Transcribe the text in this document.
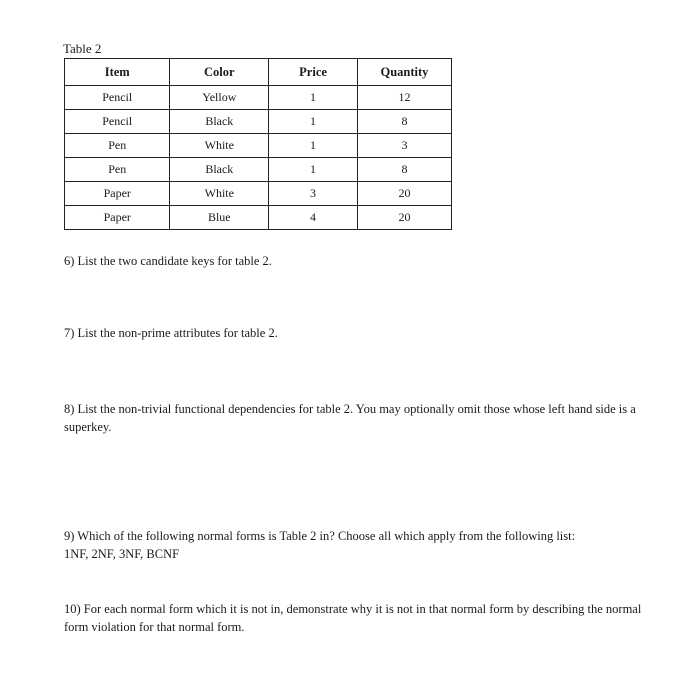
Table 2
Item	Color	Price	Quantity
Pencil	Yellow	1	12
Pencil	Black	1	8
Pen	White	1	3
Pen	Black	1	8
Paper	White	3	20
Paper	Blue	4	20
6) List the two candidate keys for table 2.
7) List the non-prime attributes for table 2.
8) List the non-trivial functional dependencies for table 2. You may optionally omit those whose left hand side is a superkey.
9) Which of the following normal forms is Table 2 in? Choose all which apply from the following list:
1NF, 2NF, 3NF, BCNF
10) For each normal form which it is not in, demonstrate why it is not in that normal form by describing the normal form violation for that normal form.
